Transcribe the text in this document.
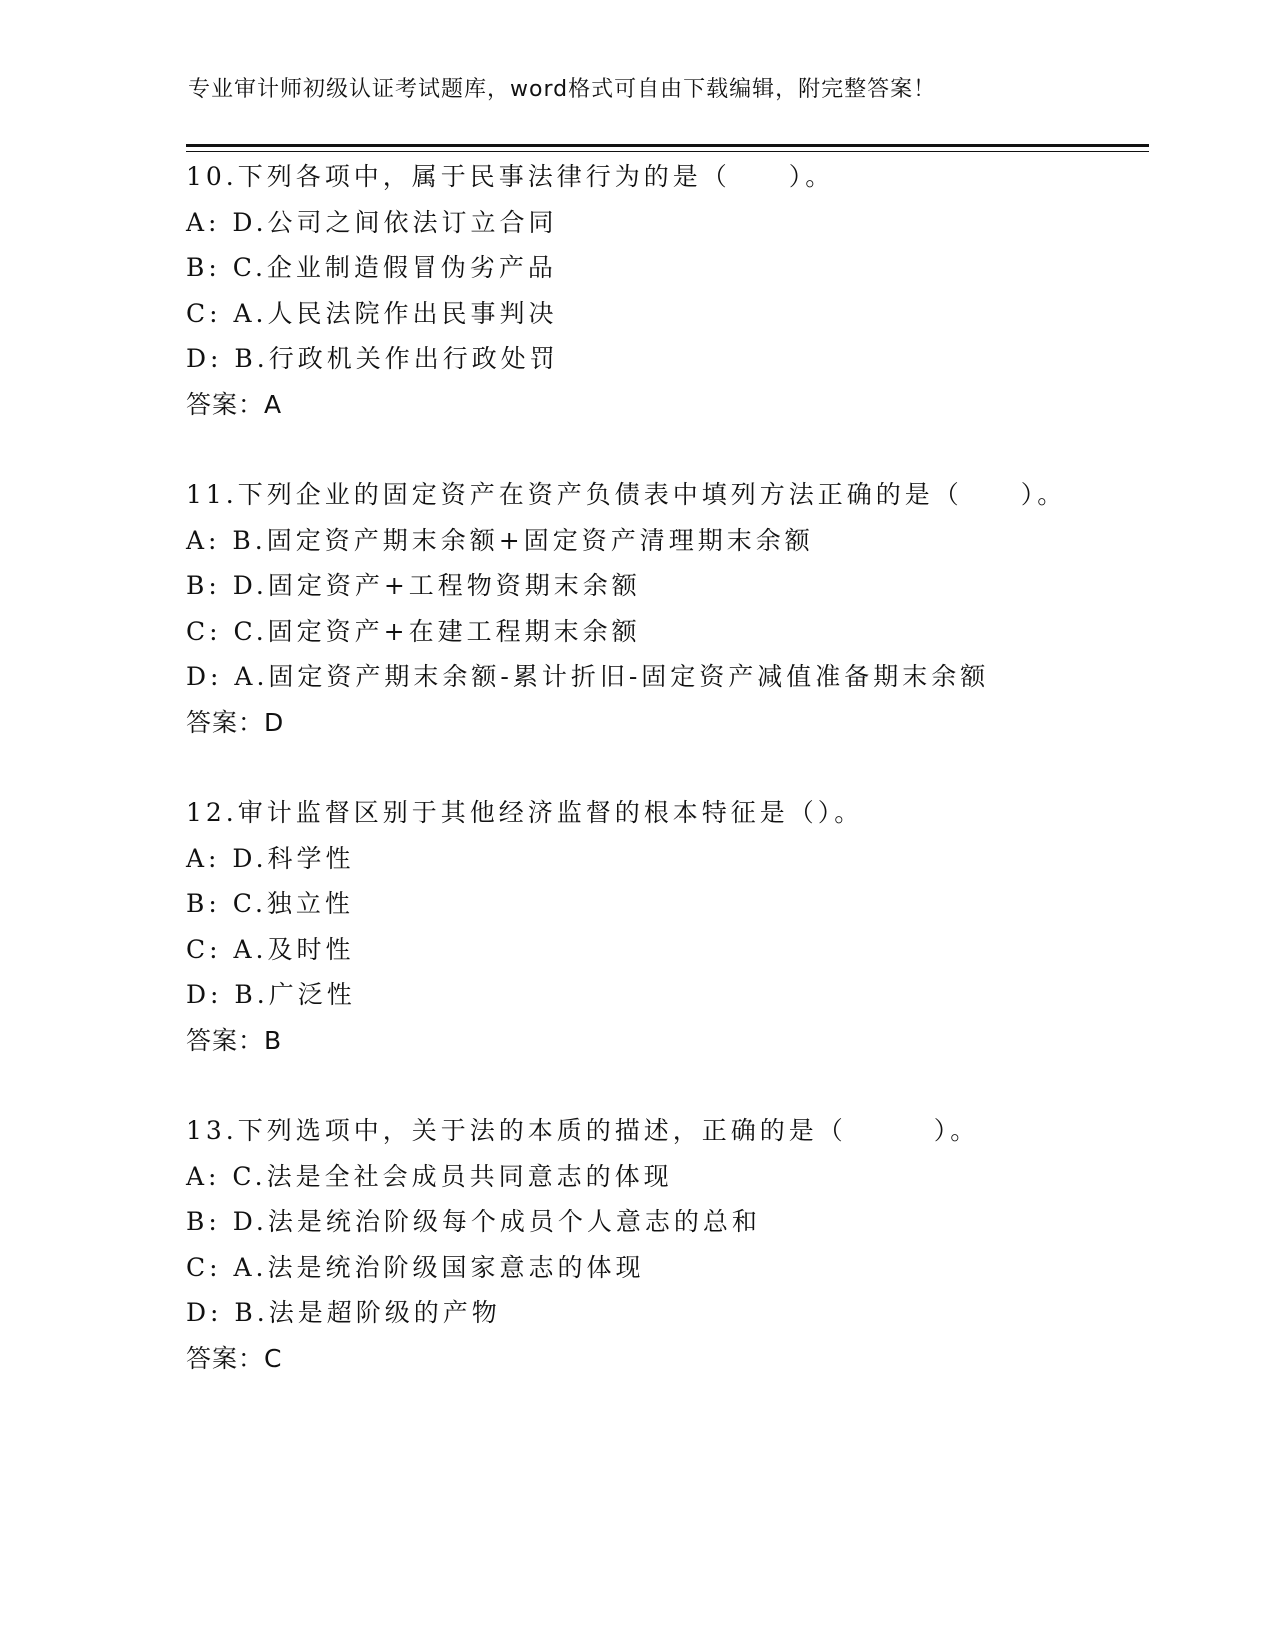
专业审计师初级认证考试题库，word格式可自由下载编辑，附完整答案！
10.下列各项中，属于民事法律行为的是（　　）。
A: D.公司之间依法订立合同
B: C.企业制造假冒伪劣产品
C: A.人民法院作出民事判决
D: B.行政机关作出行政处罚
答案：A
11.下列企业的固定资产在资产负债表中填列方法正确的是（　　）。
A: B.固定资产期末余额+固定资产清理期末余额
B: D.固定资产+工程物资期末余额
C: C.固定资产+在建工程期末余额
D: A.固定资产期末余额-累计折旧-固定资产减值准备期末余额
答案：D
12.审计监督区别于其他经济监督的根本特征是（）。
A: D.科学性
B: C.独立性
C: A.及时性
D: B.广泛性
答案：B
13.下列选项中，关于法的本质的描述，正确的是（　　　）。
A: C.法是全社会成员共同意志的体现
B: D.法是统治阶级每个成员个人意志的总和
C: A.法是统治阶级国家意志的体现
D: B.法是超阶级的产物
答案：C
